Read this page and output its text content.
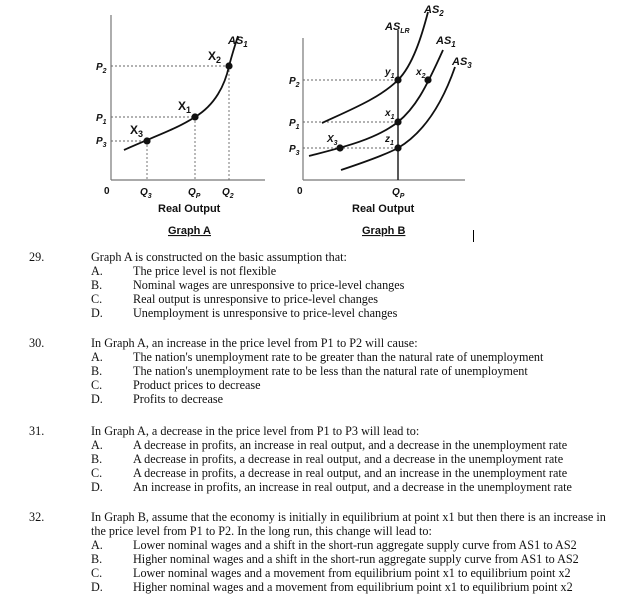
$AS_1$
$X_2$
$X_1$
$X_3$
$P_2$
$P_1$
$P_3$
0	$Q_3$	$Q_P$ $Q_2$
Real Output
Graph A
$AS_2$
$AS_1$
$AS_3$
$AS_{LR}$
$y_1$ $x_2$
$x_1$
$z_1$
$X_3$
$P_2$
$P_1$
$P_3$
0	$Q_P$
Real Output
Graph B
29.	Graph A is constructed on the basic assumption that:
A. The price level is not flexible
B.	Nominal wages are unresponsive to price-level changes
C.	Real output is unresponsive to price-level changes
D. Unemployment is unresponsive to price-level changes
30.	In Graph A, an increase in the price level from P1 to P2 will cause:
A. The nation's unemployment rate to be greater than the natural rate of unemployment
B.	The nation's unemployment rate to be less than the natural rate of unemployment
C.	Product prices to decrease
D. Profits to decrease
31.	In Graph A, a decrease in the price level from P1 to P3 will lead to:
A. A decrease in profits, an increase in real output, and a decrease in the unemployment rate
B.	A decrease in profits, a decrease in real output, and a decrease in the unemployment rate
C.	A decrease in profits, a decrease in real output, and an increase in the unemployment rate
D. An increase in profits, an increase in real output, and a decrease in the unemployment rate
32.	In Graph B, assume that the economy is initially in equilibrium at point x1 but then there is an increase in the price level from P1 to P2. In the long run, this change will lead to:
A. Lower nominal wages and a shift in the short-run aggregate supply curve from AS1 to AS2
B.	Higher nominal wages and a shift in the short-run aggregate supply curve from AS1 to AS2
C.	Lower nominal wages and a movement from equilibrium point x1 to equilibrium point x2
D. Higher nominal wages and a movement from equilibrium point x1 to equilibrium point x2
